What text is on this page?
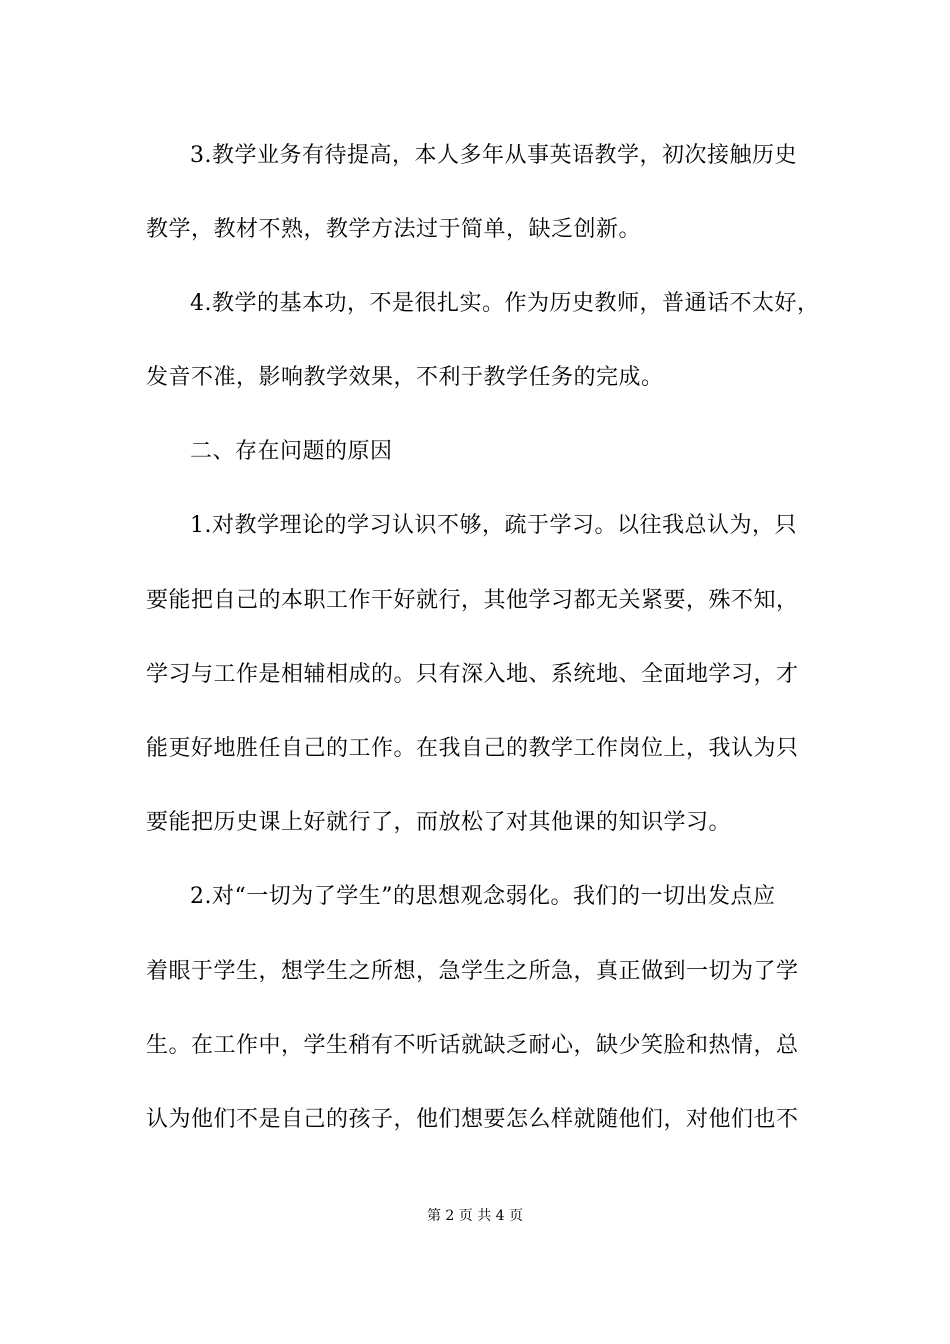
3.教学业务有待提高，本人多年从事英语教学，初次接触历史
教学，教材不熟，教学方法过于简单，缺乏创新。
4.教学的基本功，不是很扎实。作为历史教师，普通话不太好，
发音不准，影响教学效果，不利于教学任务的完成。
二、存在问题的原因
1.对教学理论的学习认识不够，疏于学习。以往我总认为，只
要能把自己的本职工作干好就行，其他学习都无关紧要，殊不知，
学习与工作是相辅相成的。只有深入地、系统地、全面地学习，才
能更好地胜任自己的工作。在我自己的教学工作岗位上，我认为只
要能把历史课上好就行了，而放松了对其他课的知识学习。
2.对“一切为了学生”的思想观念弱化。我们的一切出发点应
着眼于学生，想学生之所想，急学生之所急，真正做到一切为了学
生。在工作中，学生稍有不听话就缺乏耐心，缺少笑脸和热情，总
认为他们不是自己的孩子，他们想要怎么样就随他们，对他们也不
第 2 页 共 4 页
